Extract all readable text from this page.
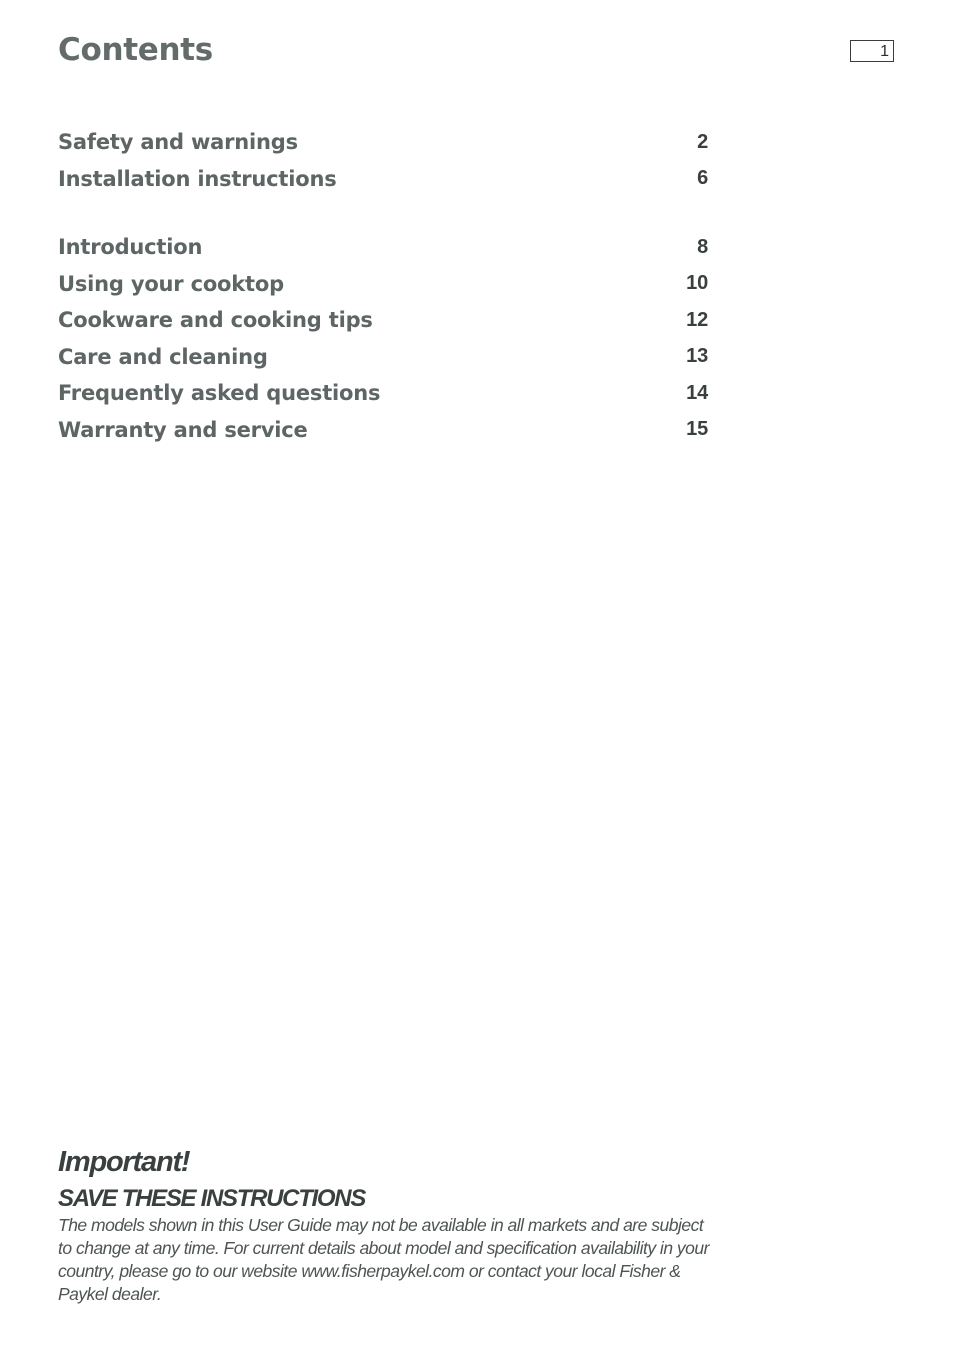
Contents	1
Safety and warnings	2
Installation instructions	6
Introduction	8
Using your cooktop	10
Cookware and cooking tips	12
Care and cleaning	13
Frequently asked questions	14
Warranty and service	15
Important!
SAVE THESE INSTRUCTIONS
The models shown in this User Guide may not be available in all markets and are subject to change at any time. For current details about model and specification availability in your country, please go to our website www.fisherpaykel.com or contact your local Fisher & Paykel dealer.
